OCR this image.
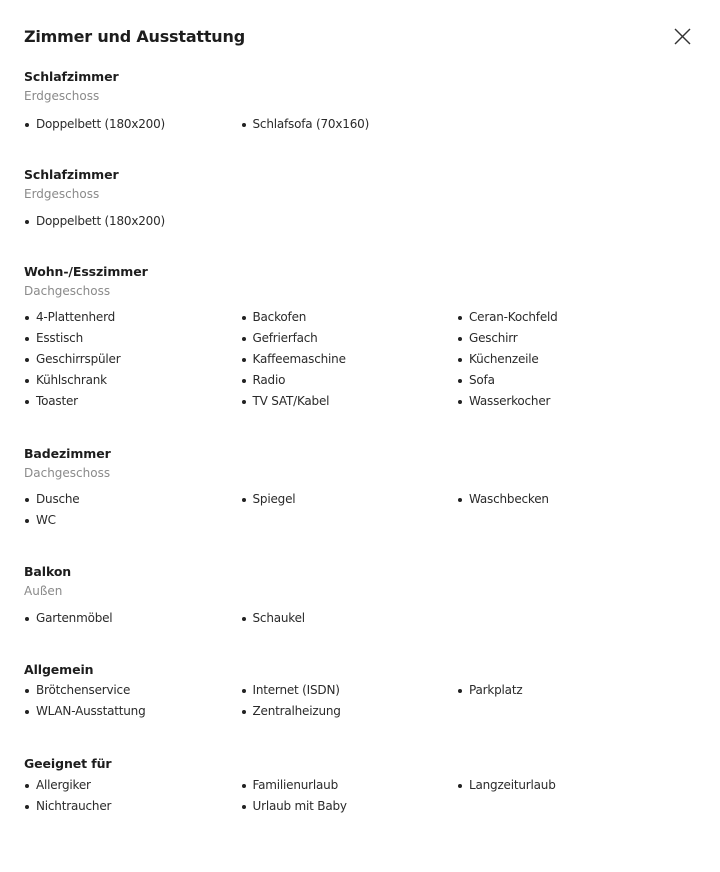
Zimmer und Ausstattung
Schlafzimmer

Erdgeschoss

Doppelbett (180x200)	Schlafsofa (70x160)
Schlafzimmer

Erdgeschoss

Doppelbett (180x200)
Wohn-/Esszimmer

Dachgeschoss

4-Plattenherd	Backofen	Ceran-Kochfeld
Esstisch	Gefrierfach	Geschirr
Geschirrspüler	Kaffeemaschine	Küchenzeile
Kühlschrank	Radio	Sofa
Toaster	TV SAT/Kabel	Wasserkocher
Badezimmer

Dachgeschoss

Dusche	Spiegel	Waschbecken
WC
Balkon

Außen

Gartenmöbel	Schaukel
Allgemein
Brötchenservice	Internet (ISDN)	Parkplatz
WLAN-Ausstattung	Zentralheizung
Geeignet für
Allergiker	Familienurlaub	Langzeiturlaub
Nichtraucher	Urlaub mit Baby
